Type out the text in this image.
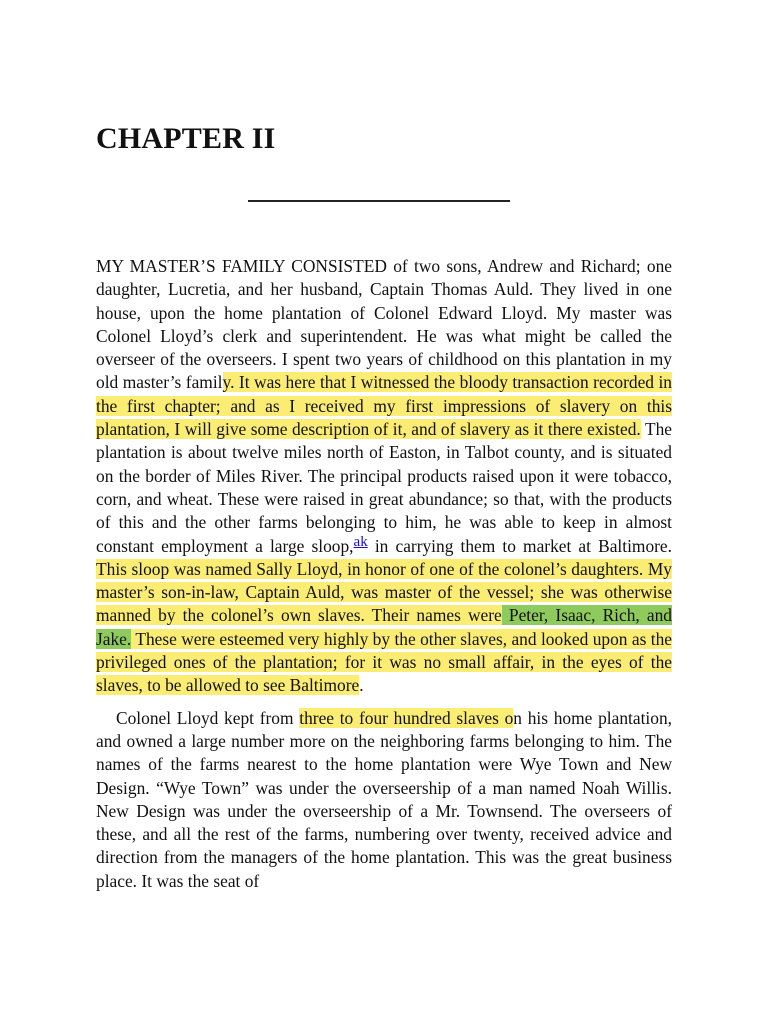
CHAPTER II

MY MASTER’S FAMILY CONSISTED of two sons, Andrew and Richard; one daughter, Lucretia, and her husband, Captain Thomas Auld. They lived in one house, upon the home plantation of Colonel Edward Lloyd. My master was Colonel Lloyd’s clerk and superintendent. He was what might be called the overseer of the overseers. I spent two years of childhood on this plantation in my old master’s family. It was here that I witnessed the bloody transaction recorded in the first chapter; and as I received my first impressions of slavery on this plantation, I will give some description of it, and of slavery as it there existed. The plantation is about twelve miles north of Easton, in Talbot county, and is situated on the border of Miles River. The principal products raised upon it were tobacco, corn, and wheat. These were raised in great abundance; so that, with the products of this and the other farms belonging to him, he was able to keep in almost constant employment a large sloop,ak in carrying them to market at Baltimore. This sloop was named Sally Lloyd, in honor of one of the colonel’s daughters. My master’s son-in-law, Captain Auld, was master of the vessel; she was otherwise manned by the colonel’s own slaves. Their names were Peter, Isaac, Rich, and Jake. These were esteemed very highly by the other slaves, and looked upon as the privileged ones of the plantation; for it was no small affair, in the eyes of the slaves, to be allowed to see Baltimore.

Colonel Lloyd kept from three to four hundred slaves on his home plantation, and owned a large number more on the neighboring farms belonging to him. The names of the farms nearest to the home plantation were Wye Town and New Design. “Wye Town” was under the overseership of a man named Noah Willis. New Design was under the overseership of a Mr. Townsend. The overseers of these, and all the rest of the farms, numbering over twenty, received advice and direction from the managers of the home plantation. This was the great business place. It was the seat of
